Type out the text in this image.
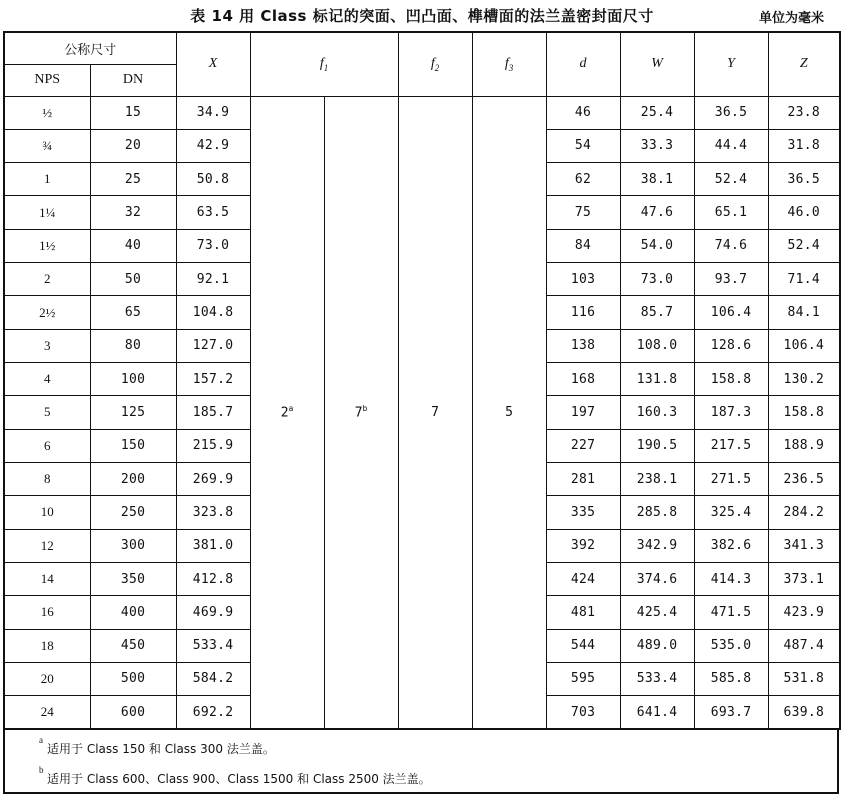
表 14 用 Class 标记的突面、凹凸面、榫槽面的法兰盖密封面尺寸	单位为毫米
公称尺寸		X	$f_1$		$f_2$	$f_3$	d	W	Y	Z
NPS	DN									
½	15	34.9	2$^a$	7$^b$	7	5	46	25.4	36.5	23.8
¾	20	42.9					54	33.3	44.4	31.8
1	25	50.8					62	38.1	52.4	36.5
1¼	32	63.5					75	47.6	65.1	46.0
1½	40	73.0					84	54.0	74.6	52.4
2	50	92.1					103	73.0	93.7	71.4
2½	65	104.8					116	85.7	106.4	84.1
3	80	127.0					138	108.0	128.6	106.4
4	100	157.2					168	131.8	158.8	130.2
5	125	185.7					197	160.3	187.3	158.8
6	150	215.9					227	190.5	217.5	188.9
8	200	269.9					281	238.1	271.5	236.5
10	250	323.8					335	285.8	325.4	284.2
12	300	381.0					392	342.9	382.6	341.3
14	350	412.8					424	374.6	414.3	373.1
16	400	469.9					481	425.4	471.5	423.9
18	450	533.4					544	489.0	535.0	487.4
20	500	584.2					595	533.4	585.8	531.8
24	600	692.2					703	641.4	693.7	639.8
a
适用于 Class 150 和 Class 300 法兰盖。
b
适用于 Class 600、Class 900、Class 1500 和 Class 2500 法兰盖。
